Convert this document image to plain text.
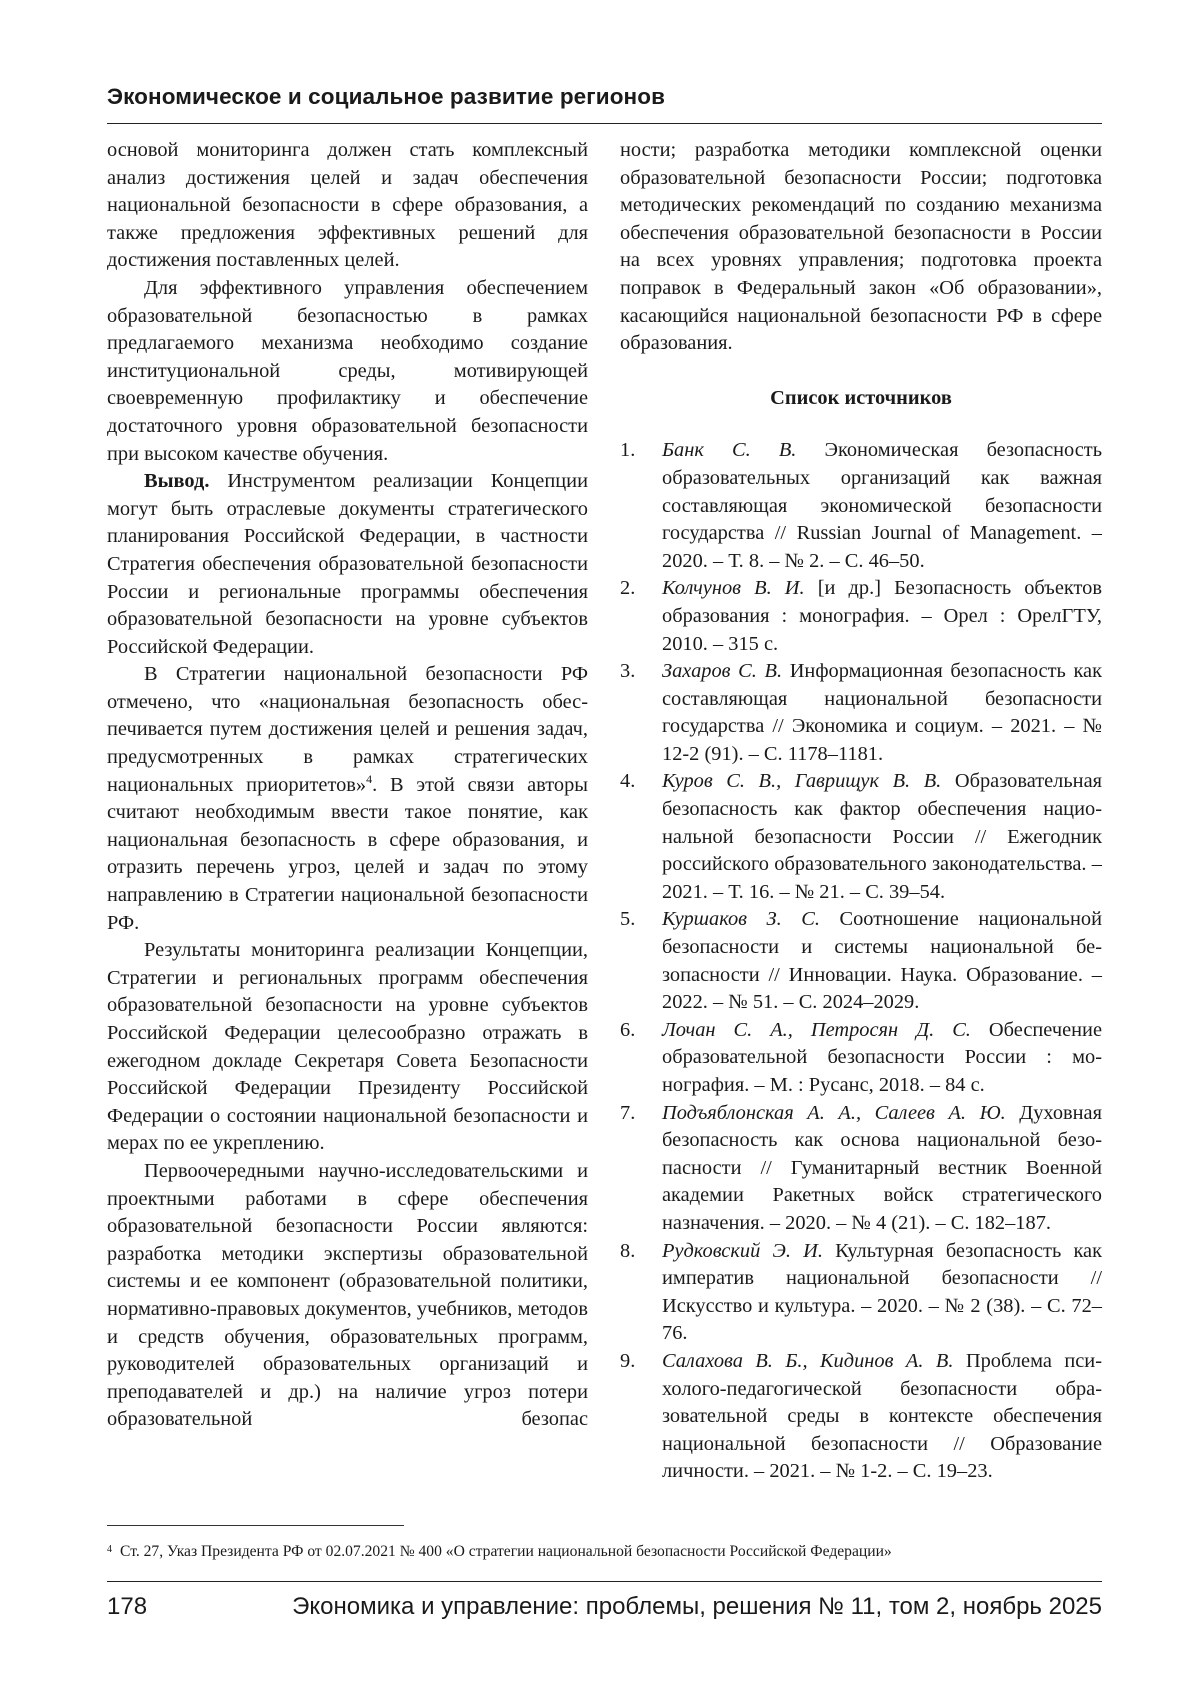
Экономическое и социальное развитие регионов

основой мониторинга должен стать комплексный анализ достижения целей и задач обеспечения национальной безопасности в сфере образования, а также предложения эффективных решений для достижения поставленных целей.

Для эффективного управления обеспечением образовательной безопасностью в рамках предлагаемого механизма необходимо создание институциональной среды, мотивирующей своевременную профилактику и обеспечение достаточного уровня образовательной безопасности при высоком качестве обучения.

Вывод. Инструментом реализации Концепции могут быть отраслевые документы стратегического планирования Российской Федерации, в частности Стратегия обеспечения образовательной безопасности России и региональные программы обеспечения образовательной безопасности на уровне субъектов Российской Федерации.

В Стратегии национальной безопасности РФ отмечено, что «национальная безопасность обеспечивается путем достижения целей и решения задач, предусмотренных в рамках стратегических национальных приоритетов»$^4$. В этой связи авторы считают необходимым ввести такое понятие, как национальная безопасность в сфере образования, и отразить перечень угроз, целей и задач по этому направлению в Стратегии национальной безопасности РФ.

Результаты мониторинга реализации Концепции, Стратегии и региональных программ обеспечения образовательной безопасности на уровне субъектов Российской Федерации целесообразно отражать в ежегодном докладе Секретаря Совета Безопасности Российской Федерации Президенту Российской Федерации о состоянии национальной безопасности и мерах по ее укреплению.

Первоочередными научно-исследовательскими и проектными работами в сфере обеспечения образовательной безопасности России являются: разработка методики экспертизы образовательной системы и ее компонент (образовательной политики, нормативно-правовых документов, учебников, методов и средств обучения, образовательных программ, руководителей образовательных организаций и преподавателей и др.) на наличие угроз потери образовательной безопас

ности; разработка методики комплексной оценки образовательной безопасности России; подготовка методических рекомендаций по созданию механизма обеспечения образовательной безопасности в России на всех уровнях управления; подготовка проекта поправок в Федеральный закон «Об образовании», касающийся национальной безопасности РФ в сфере образования.

Список источников
1. Банк С. В. Экономическая безопасность образовательных организаций как важная составляющая экономической безопасности государства // Russian Journal of Management. – 2020. – Т. 8. – № 2. – С. 46–50.
2. Колчунов В. И. [и др.] Безопасность объектов образования : монография. – Орел : ОрелГТУ, 2010. – 315 с.
3. Захаров С. В. Информационная безопасность как составляющая национальной безопасности государства // Экономика и социум. – 2021. – № 12-2 (91). – С. 1178–1181.
4. Куров С. В., Гаврищук В. В. Образовательная безопасность как фактор обеспечения национальной безопасности России // Ежегодник российского образовательного законодательства. – 2021. – Т. 16. – № 21. – С. 39–54.
5. Куршаков З. С. Соотношение национальной безопасности и системы национальной безопасности // Инновации. Наука. Образование. – 2022. – № 51. – С. 2024–2029.
6. Лочан С. А., Петросян Д. С. Обеспечение образовательной безопасности России : монография. – М. : Русанс, 2018. – 84 с.
7. Подъяблонская А. А., Салеев А. Ю. Духовная безопасность как основа национальной безопасности // Гуманитарный вестник Военной академии Ракетных войск стратегического назначения. – 2020. – № 4 (21). – С. 182–187.
8. Рудковский Э. И. Культурная безопасность как императив национальной безопасности // Искусство и культура. – 2020. – № 2 (38). – С. 72–76.
9. Салахова В. Б., Кидинов А. В. Проблема психолого-педагогической безопасности образовательной среды в контексте обеспечения национальной безопасности // Образование личности. – 2021. – № 1-2. – С. 19–23.
$^4$ Ст. 27, Указ Президента РФ от 02.07.2021 № 400 «О стратегии национальной безопасности Российской Федерации»
178	Экономика и управление: проблемы, решения № 11, том 2, ноябрь 2025
